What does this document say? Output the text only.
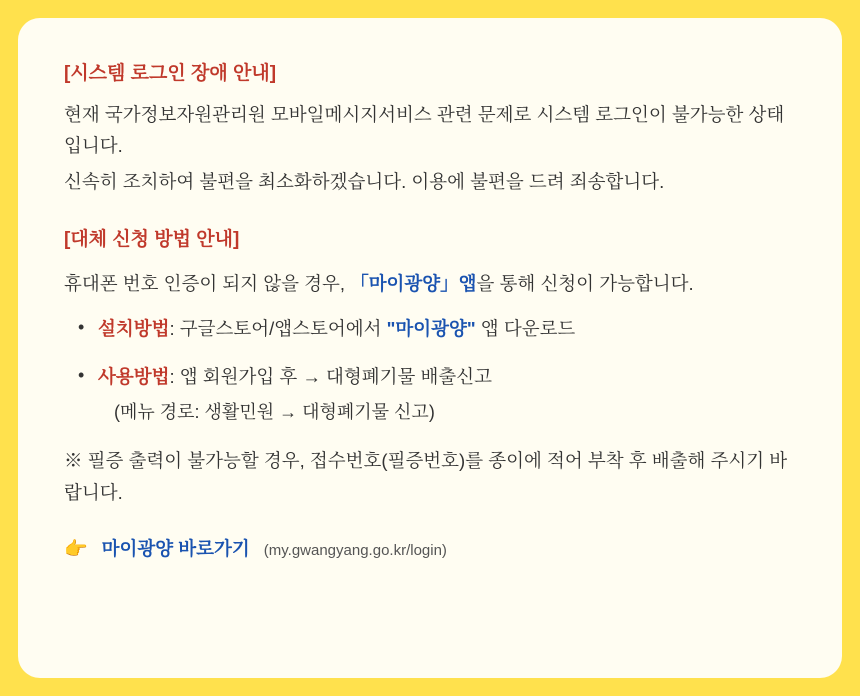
[시스템 로그인 장애 안내]

현재 국가정보자원관리원 모바일메시지서비스 관련 문제로 시스템 로그인이 불가능한 상태입니다.

신속히 조치하여 불편을 최소화하겠습니다. 이용에 불편을 드려 죄송합니다.

[대체 신청 방법 안내]

휴대폰 번호 인증이 되지 않을 경우, 「마이광양」앱을 통해 신청이 가능합니다.

• 설치방법: 구글스토어/앱스토어에서 "마이광양" 앱 다운로드
• 사용방법: 앱 회원가입 후 → 대형폐기물 배출신고
(메뉴 경로: 생활민원 → 대형폐기물 신고)

※ 필증 출력이 불가능할 경우, 접수번호(필증번호)를 종이에 적어 부착 후 배출해 주시기 바랍니다.

👉 마이광양 바로가기 (my.gwangyang.go.kr/login)
